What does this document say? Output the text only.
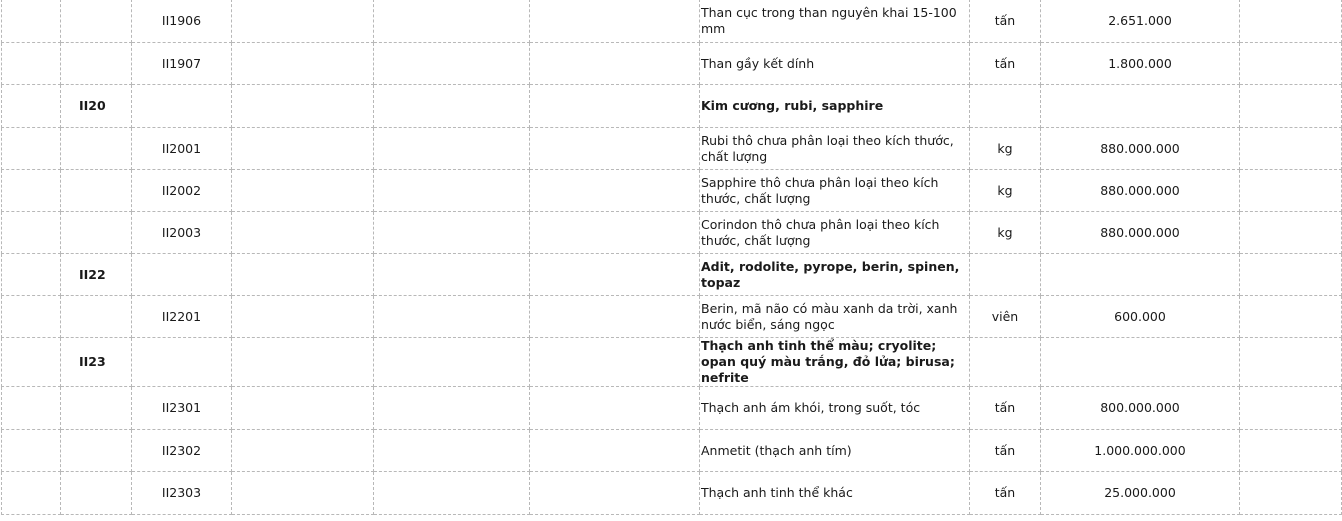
		II1906				Than cục trong than nguyên khai 15-100 mm	tấn	2.651.000	
		II1907				Than gầy kết dính	tấn	1.800.000	
	II20					Kim cương, rubi, sapphire			
		II2001				Rubi thô chưa phân loại theo kích thước, chất lượng	kg	880.000.000	
		II2002				Sapphire thô chưa phân loại theo kích thước, chất lượng	kg	880.000.000	
		II2003				Corindon thô chưa phân loại theo kích thước, chất lượng	kg	880.000.000	
	II22					Adit, rodolite, pyrope, berin, spinen, topaz			
		II2201				Berin, mã não có màu xanh da trời, xanh nước biển, sáng ngọc	viên	600.000	
	II23					Thạch anh tinh thể màu; cryolite; opan quý màu trắng, đỏ lửa; birusa; nefrite			
		II2301				Thạch anh ám khói, trong suốt, tóc	tấn	800.000.000	
		II2302				Anmetit (thạch anh tím)	tấn	1.000.000.000	
		II2303				Thạch anh tinh thể khác	tấn	25.000.000	
